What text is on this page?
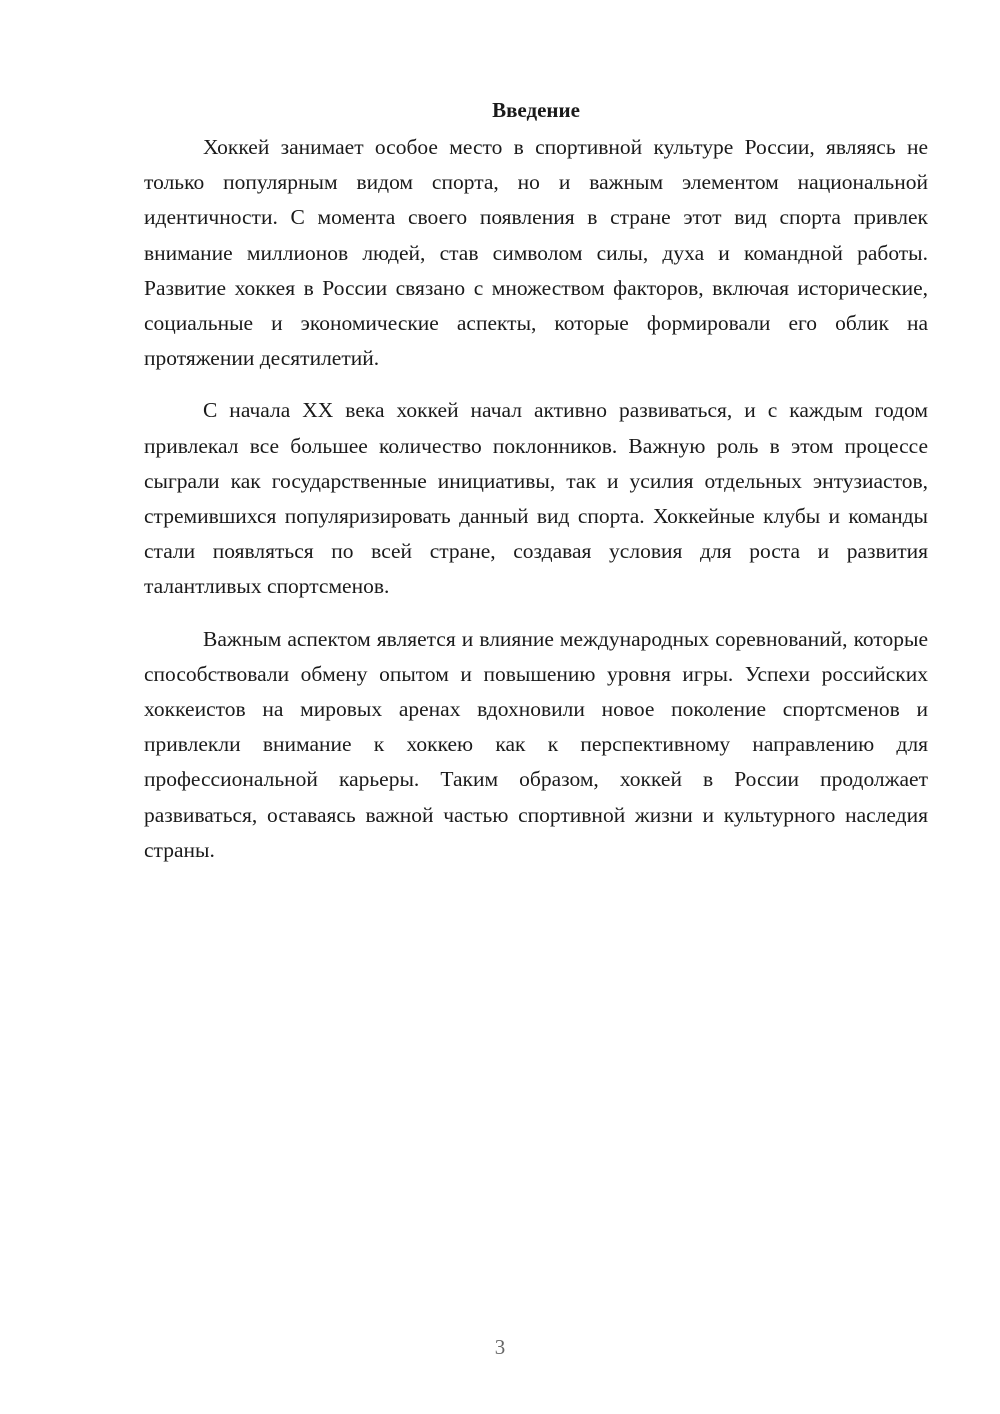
Введение

Хоккей занимает особое место в спортивной культуре России, являясь не только популярным видом спорта, но и важным элементом национальной идентичности. С момента своего появления в стране этот вид спорта привлек внимание миллионов людей, став символом силы, духа и командной работы. Развитие хоккея в России связано с множеством факторов, включая исторические, социальные и экономические аспекты, которые формировали его облик на протяжении десятилетий.

С начала XX века хоккей начал активно развиваться, и с каждым годом привлекал все большее количество поклонников. Важную роль в этом процессе сыграли как государственные инициативы, так и усилия отдельных энтузиастов, стремившихся популяризировать данный вид спорта. Хоккейные клубы и команды стали появляться по всей стране, создавая условия для роста и развития талантливых спортсменов.

Важным аспектом является и влияние международных соревнований, которые способствовали обмену опытом и повышению уровня игры. Успехи российских хоккеистов на мировых аренах вдохновили новое поколение спортсменов и привлекли внимание к хоккею как к перспективному направлению для профессиональной карьеры. Таким образом, хоккей в России продолжает развиваться, оставаясь важной частью спортивной жизни и культурного наследия страны.

3
